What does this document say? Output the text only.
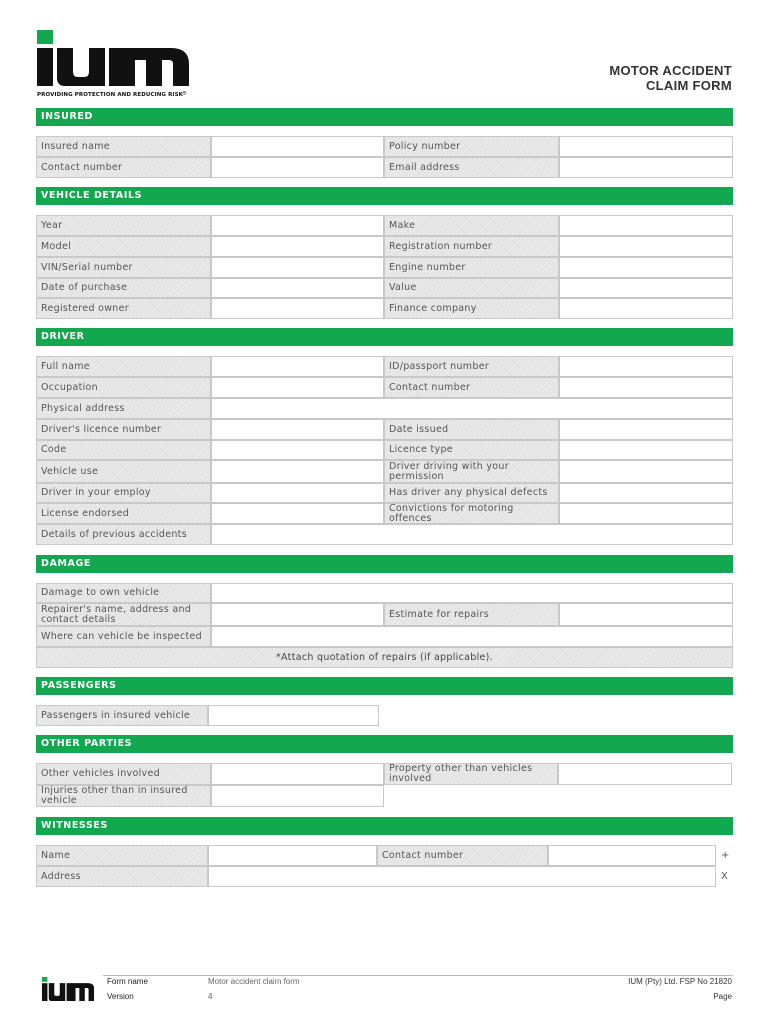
®
PROVIDING PROTECTION AND REDUCING RISK
MOTOR ACCIDENT
CLAIM FORM
INSURED
Insured name	Policy number
Contact number	Email address
VEHICLE DETAILS
Year	Make
Model	Registration number
VIN/Serial number	Engine number
Date of purchase	Value
Registered owner	Finance company
DRIVER
Full name	ID/passport number
Occupation	Contact number
Physical address
Driver's licence number	Date issued
Code	Licence type
Vehicle use	Driver driving with your
permission
Driver in your employ	Has driver any physical defects
License endorsed	Convictions for motoring offences
Details of previous accidents
DAMAGE
Damage to own vehicle
Repairer's name, address and
contact details	Estimate for repairs
Where can vehicle be inspected
*Attach quotation of repairs (if applicable).
PASSENGERS
Passengers in insured vehicle
OTHER PARTIES
Other vehicles involved	Property other than vehicles
involved
Injuries other than in insured
vehicle
WITNESSES
Name	Contact number	+
Address	X
Form name	Motor accident claim form
Version	4
IUM (Pty) Ltd. FSP No 21820
Page
